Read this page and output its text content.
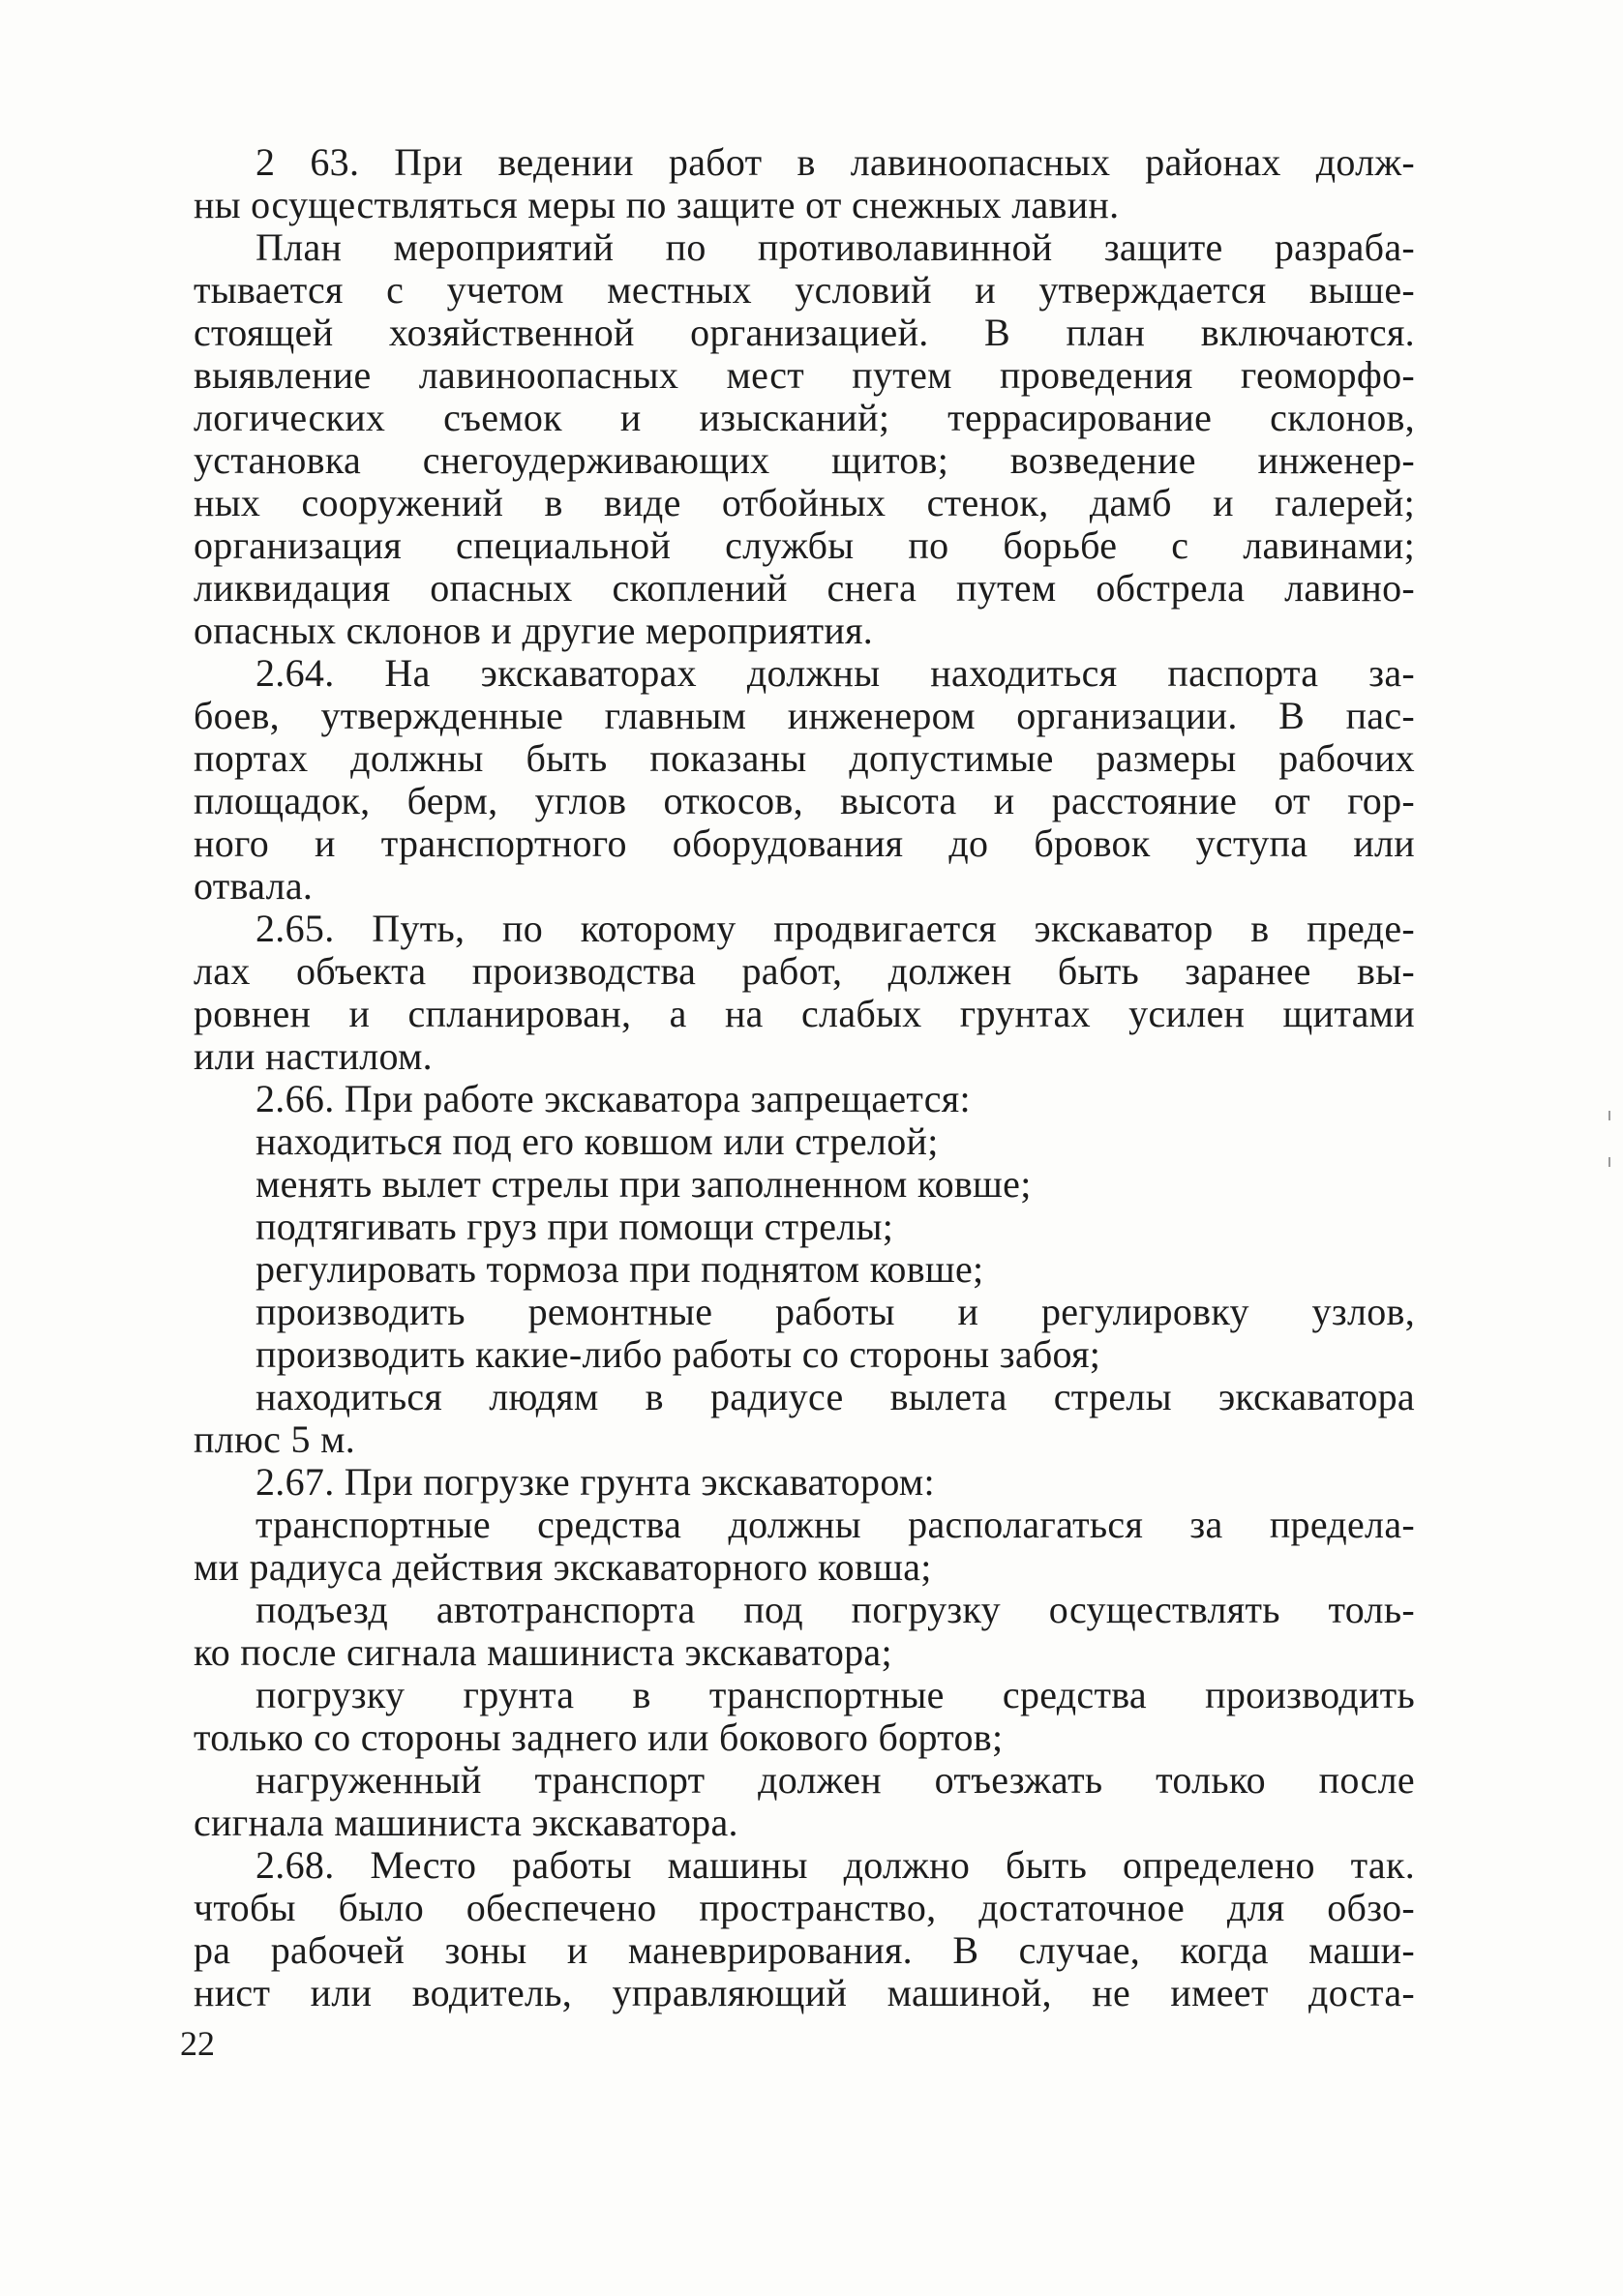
2 63. При ведении работ в лавиноопасных районах долж-
ны осуществляться меры по защите от снежных лавин.
План мероприятий по противолавинной защите разраба-
тывается с учетом местных условий и утверждается выше-
стоящей хозяйственной организацией. В план включаются.
выявление лавиноопасных мест путем проведения геоморфо-
логических съемок и изысканий; террасирование склонов,
установка снегоудерживающих щитов; возведение инженер-
ных сооружений в виде отбойных стенок, дамб и галерей;
организация специальной службы по борьбе с лавинами;
ликвидация опасных скоплений снега путем обстрела лавино-
опасных склонов и другие мероприятия.
2.64. На экскаваторах должны находиться паспорта за-
боев, утвержденные главным инженером организации. В пас-
портах должны быть показаны допустимые размеры рабочих
площадок, берм, углов откосов, высота и расстояние от гор-
ного и транспортного оборудования до бровок уступа или
отвала.
2.65. Путь, по которому продвигается экскаватор в преде-
лах объекта производства работ, должен быть заранее вы-
ровнен и спланирован, а на слабых грунтах усилен щитами
или настилом.
2.66. При работе экскаватора запрещается:
находиться под его ковшом или стрелой;
менять вылет стрелы при заполненном ковше;
подтягивать груз при помощи стрелы;
регулировать тормоза при поднятом ковше;
производить ремонтные работы и регулировку узлов,
производить какие-либо работы со стороны забоя;
находиться людям в радиусе вылета стрелы экскаватора
плюс 5 м.
2.67. При погрузке грунта экскаватором:
транспортные средства должны располагаться за предела-
ми радиуса действия экскаваторного ковша;
подъезд автотранспорта под погрузку осуществлять толь-
ко после сигнала машиниста экскаватора;
погрузку грунта в транспортные средства производить
только со стороны заднего или бокового бортов;
нагруженный транспорт должен отъезжать только после
сигнала машиниста экскаватора.
2.68. Место работы машины должно быть определено так.
чтобы было обеспечено пространство, достаточное для обзо-
ра рабочей зоны и маневрирования. В случае, когда маши-
нист или водитель, управляющий машиной, не имеет доста-
22
